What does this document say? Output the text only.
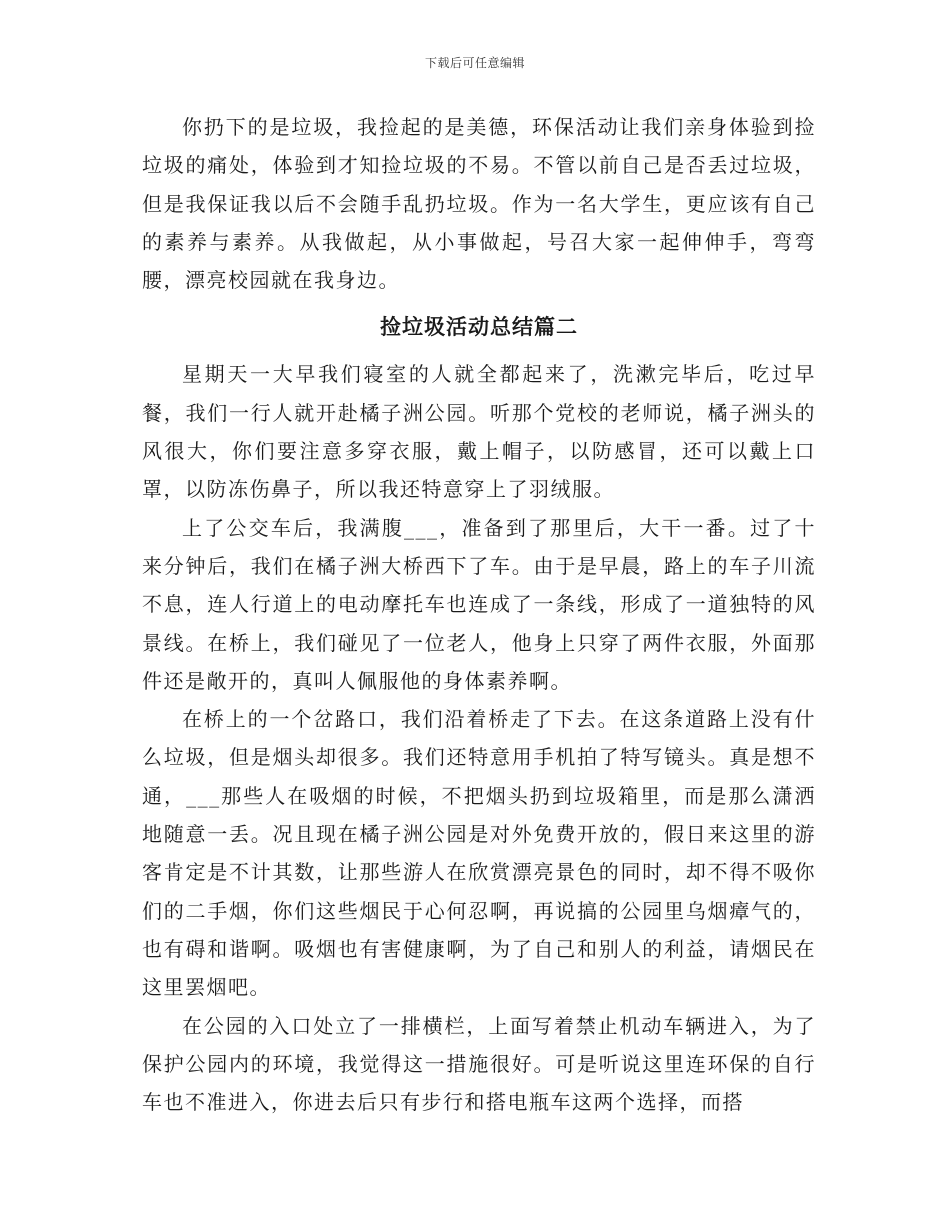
下载后可任意编辑

你扔下的是垃圾，我捡起的是美德，环保活动让我们亲身体验到捡垃圾的痛处，体验到才知捡垃圾的不易。不管以前自己是否丢过垃圾，但是我保证我以后不会随手乱扔垃圾。作为一名大学生，更应该有自己的素养与素养。从我做起，从小事做起，号召大家一起伸伸手，弯弯腰，漂亮校园就在我身边。

捡垃圾活动总结篇二

星期天一大早我们寝室的人就全都起来了，洗漱完毕后，吃过早餐，我们一行人就开赴橘子洲公园。听那个党校的老师说，橘子洲头的风很大，你们要注意多穿衣服，戴上帽子，以防感冒，还可以戴上口罩，以防冻伤鼻子，所以我还特意穿上了羽绒服。

上了公交车后，我满腹___，准备到了那里后，大干一番。过了十来分钟后，我们在橘子洲大桥西下了车。由于是早晨，路上的车子川流不息，连人行道上的电动摩托车也连成了一条线，形成了一道独特的风景线。在桥上，我们碰见了一位老人，他身上只穿了两件衣服，外面那件还是敞开的，真叫人佩服他的身体素养啊。

在桥上的一个岔路口，我们沿着桥走了下去。在这条道路上没有什么垃圾，但是烟头却很多。我们还特意用手机拍了特写镜头。真是想不通，___那些人在吸烟的时候，不把烟头扔到垃圾箱里，而是那么潇洒地随意一丢。况且现在橘子洲公园是对外免费开放的，假日来这里的游客肯定是不计其数，让那些游人在欣赏漂亮景色的同时，却不得不吸你们的二手烟，你们这些烟民于心何忍啊，再说搞的公园里乌烟瘴气的，也有碍和谐啊。吸烟也有害健康啊，为了自己和别人的利益，请烟民在这里罢烟吧。

在公园的入口处立了一排横栏，上面写着禁止机动车辆进入，为了保护公园内的环境，我觉得这一措施很好。可是听说这里连环保的自行车也不准进入，你进去后只有步行和搭电瓶车这两个选择，而搭
